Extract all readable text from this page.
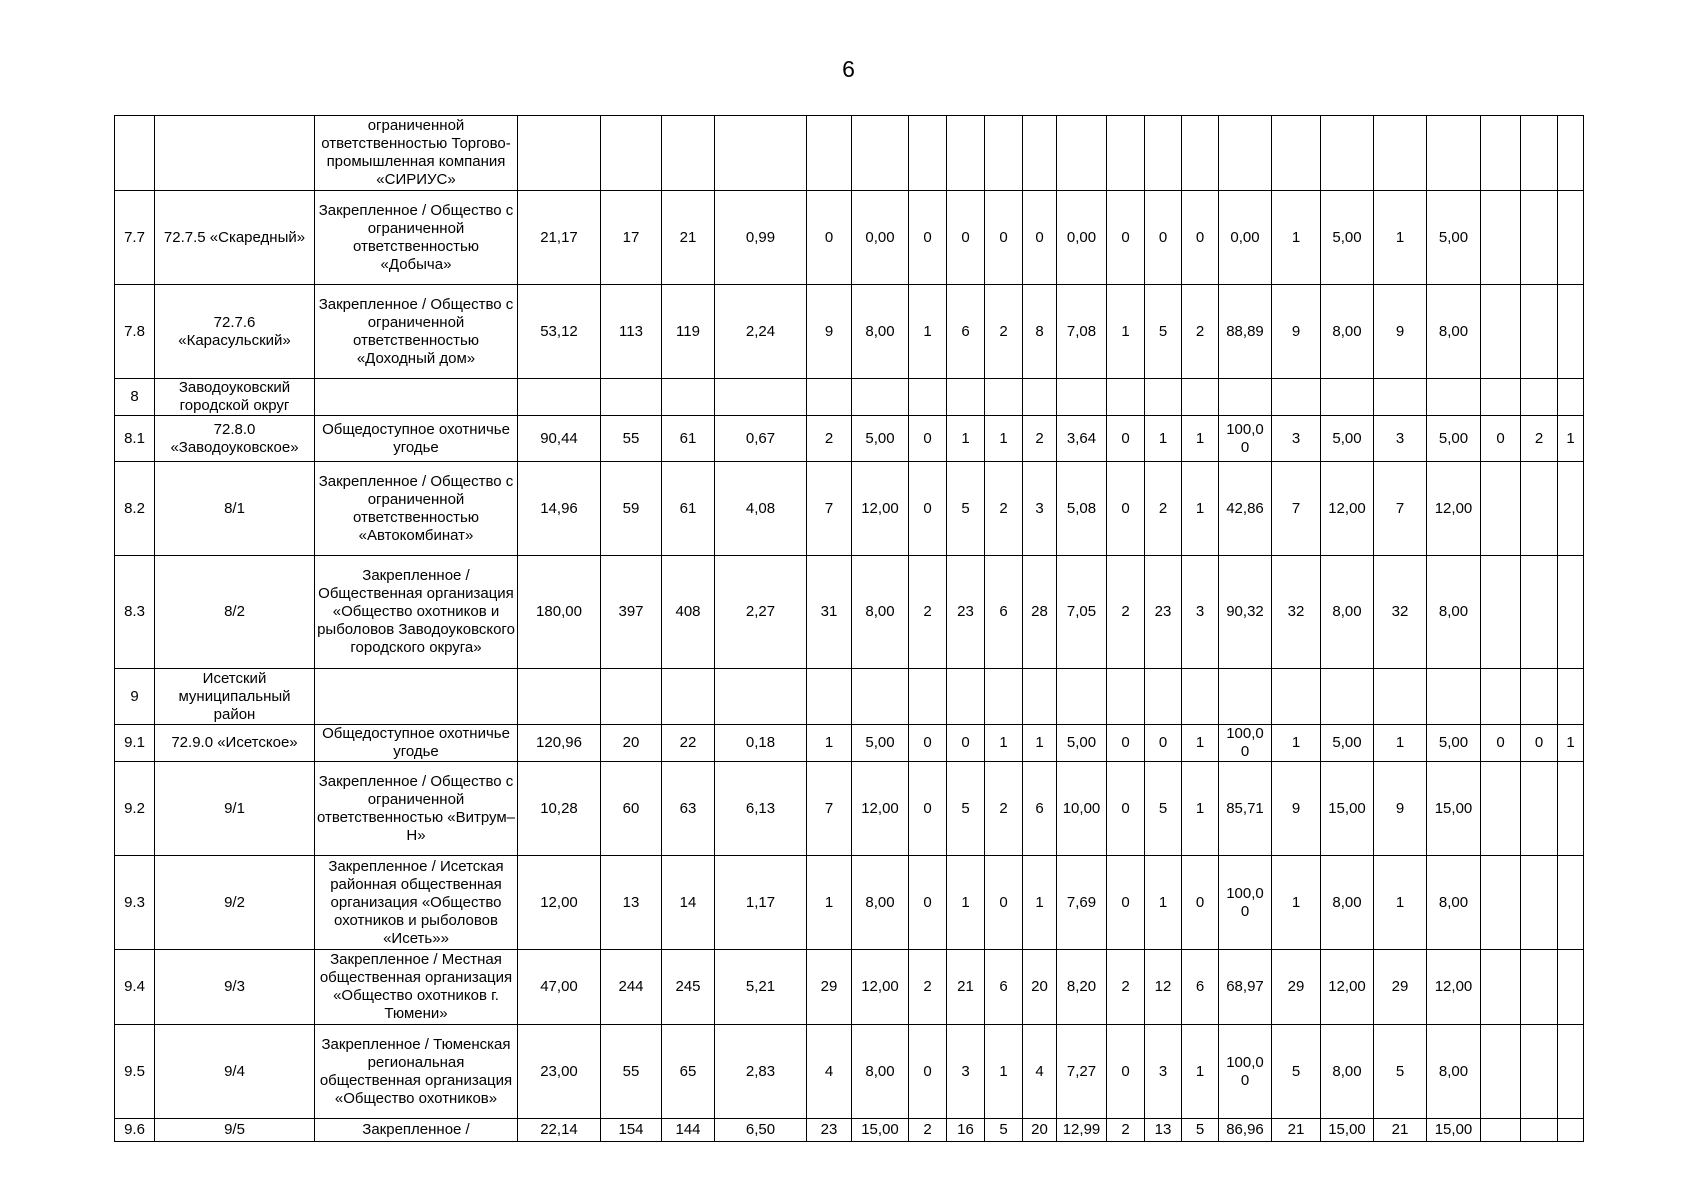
6
		ограниченной ответственностью Торгово-промышленная компания «СИРИУС»																							
7.7	72.7.5 «Скаредный»	Закрепленное / Общество с ограниченной ответственностью «Добыча»	21,17	17	21	0,99	0	0,00	0	0	0	0	0,00	0	0	0	0,00	1	5,00	1	5,00				
7.8	72.7.6 «Карасульский»	Закрепленное / Общество с ограниченной ответственностью «Доходный дом»	53,12	113	119	2,24	9	8,00	1	6	2	8	7,08	1	5	2	88,89	9	8,00	9	8,00				
8	Заводоуковский городской округ																								
8.1	72.8.0 «Заводоуковское»	Общедоступное охотничье угодье	90,44	55	61	0,67	2	5,00	0	1	1	2	3,64	0	1	1	100,0 0	3	5,00	3	5,00	0	2	1	
8.2	8/1	Закрепленное / Общество с ограниченной ответственностью «Автокомбинат»	14,96	59	61	4,08	7	12,00	0	5	2	3	5,08	0	2	1	42,86	7	12,00	7	12,00				
8.3	8/2	Закрепленное / Общественная организация «Общество охотников и рыболовов Заводоуковского городского округа»	180,00	397	408	2,27	31	8,00	2	23	6	28	7,05	2	23	3	90,32	32	8,00	32	8,00				
9	Исетский муниципальный район																								
9.1	72.9.0 «Исетское»	Общедоступное охотничье угодье	120,96	20	22	0,18	1	5,00	0	0	1	1	5,00	0	0	1	100,0 0	1	5,00	1	5,00	0	0	1	
9.2	9/1	Закрепленное / Общество с ограниченной ответственностью «Витрум–Н»	10,28	60	63	6,13	7	12,00	0	5	2	6	10,00	0	5	1	85,71	9	15,00	9	15,00				
9.3	9/2	Закрепленное / Исетская районная общественная организация «Общество охотников и рыболовов «Исеть»»	12,00	13	14	1,17	1	8,00	0	1	0	1	7,69	0	1	0	100,0 0	1	8,00	1	8,00				
9.4	9/3	Закрепленное / Местная общественная организация «Общество охотников г. Тюмени»	47,00	244	245	5,21	29	12,00	2	21	6	20	8,20	2	12	6	68,97	29	12,00	29	12,00				
9.5	9/4	Закрепленное / Тюменская региональная общественная организация «Общество охотников»	23,00	55	65	2,83	4	8,00	0	3	1	4	7,27	0	3	1	100,0 0	5	8,00	5	8,00				
9.6	9/5	Закрепленное /	22,14	154	144	6,50	23	15,00	2	16	5	20	12,99	2	13	5	86,96	21	15,00	21	15,00				
